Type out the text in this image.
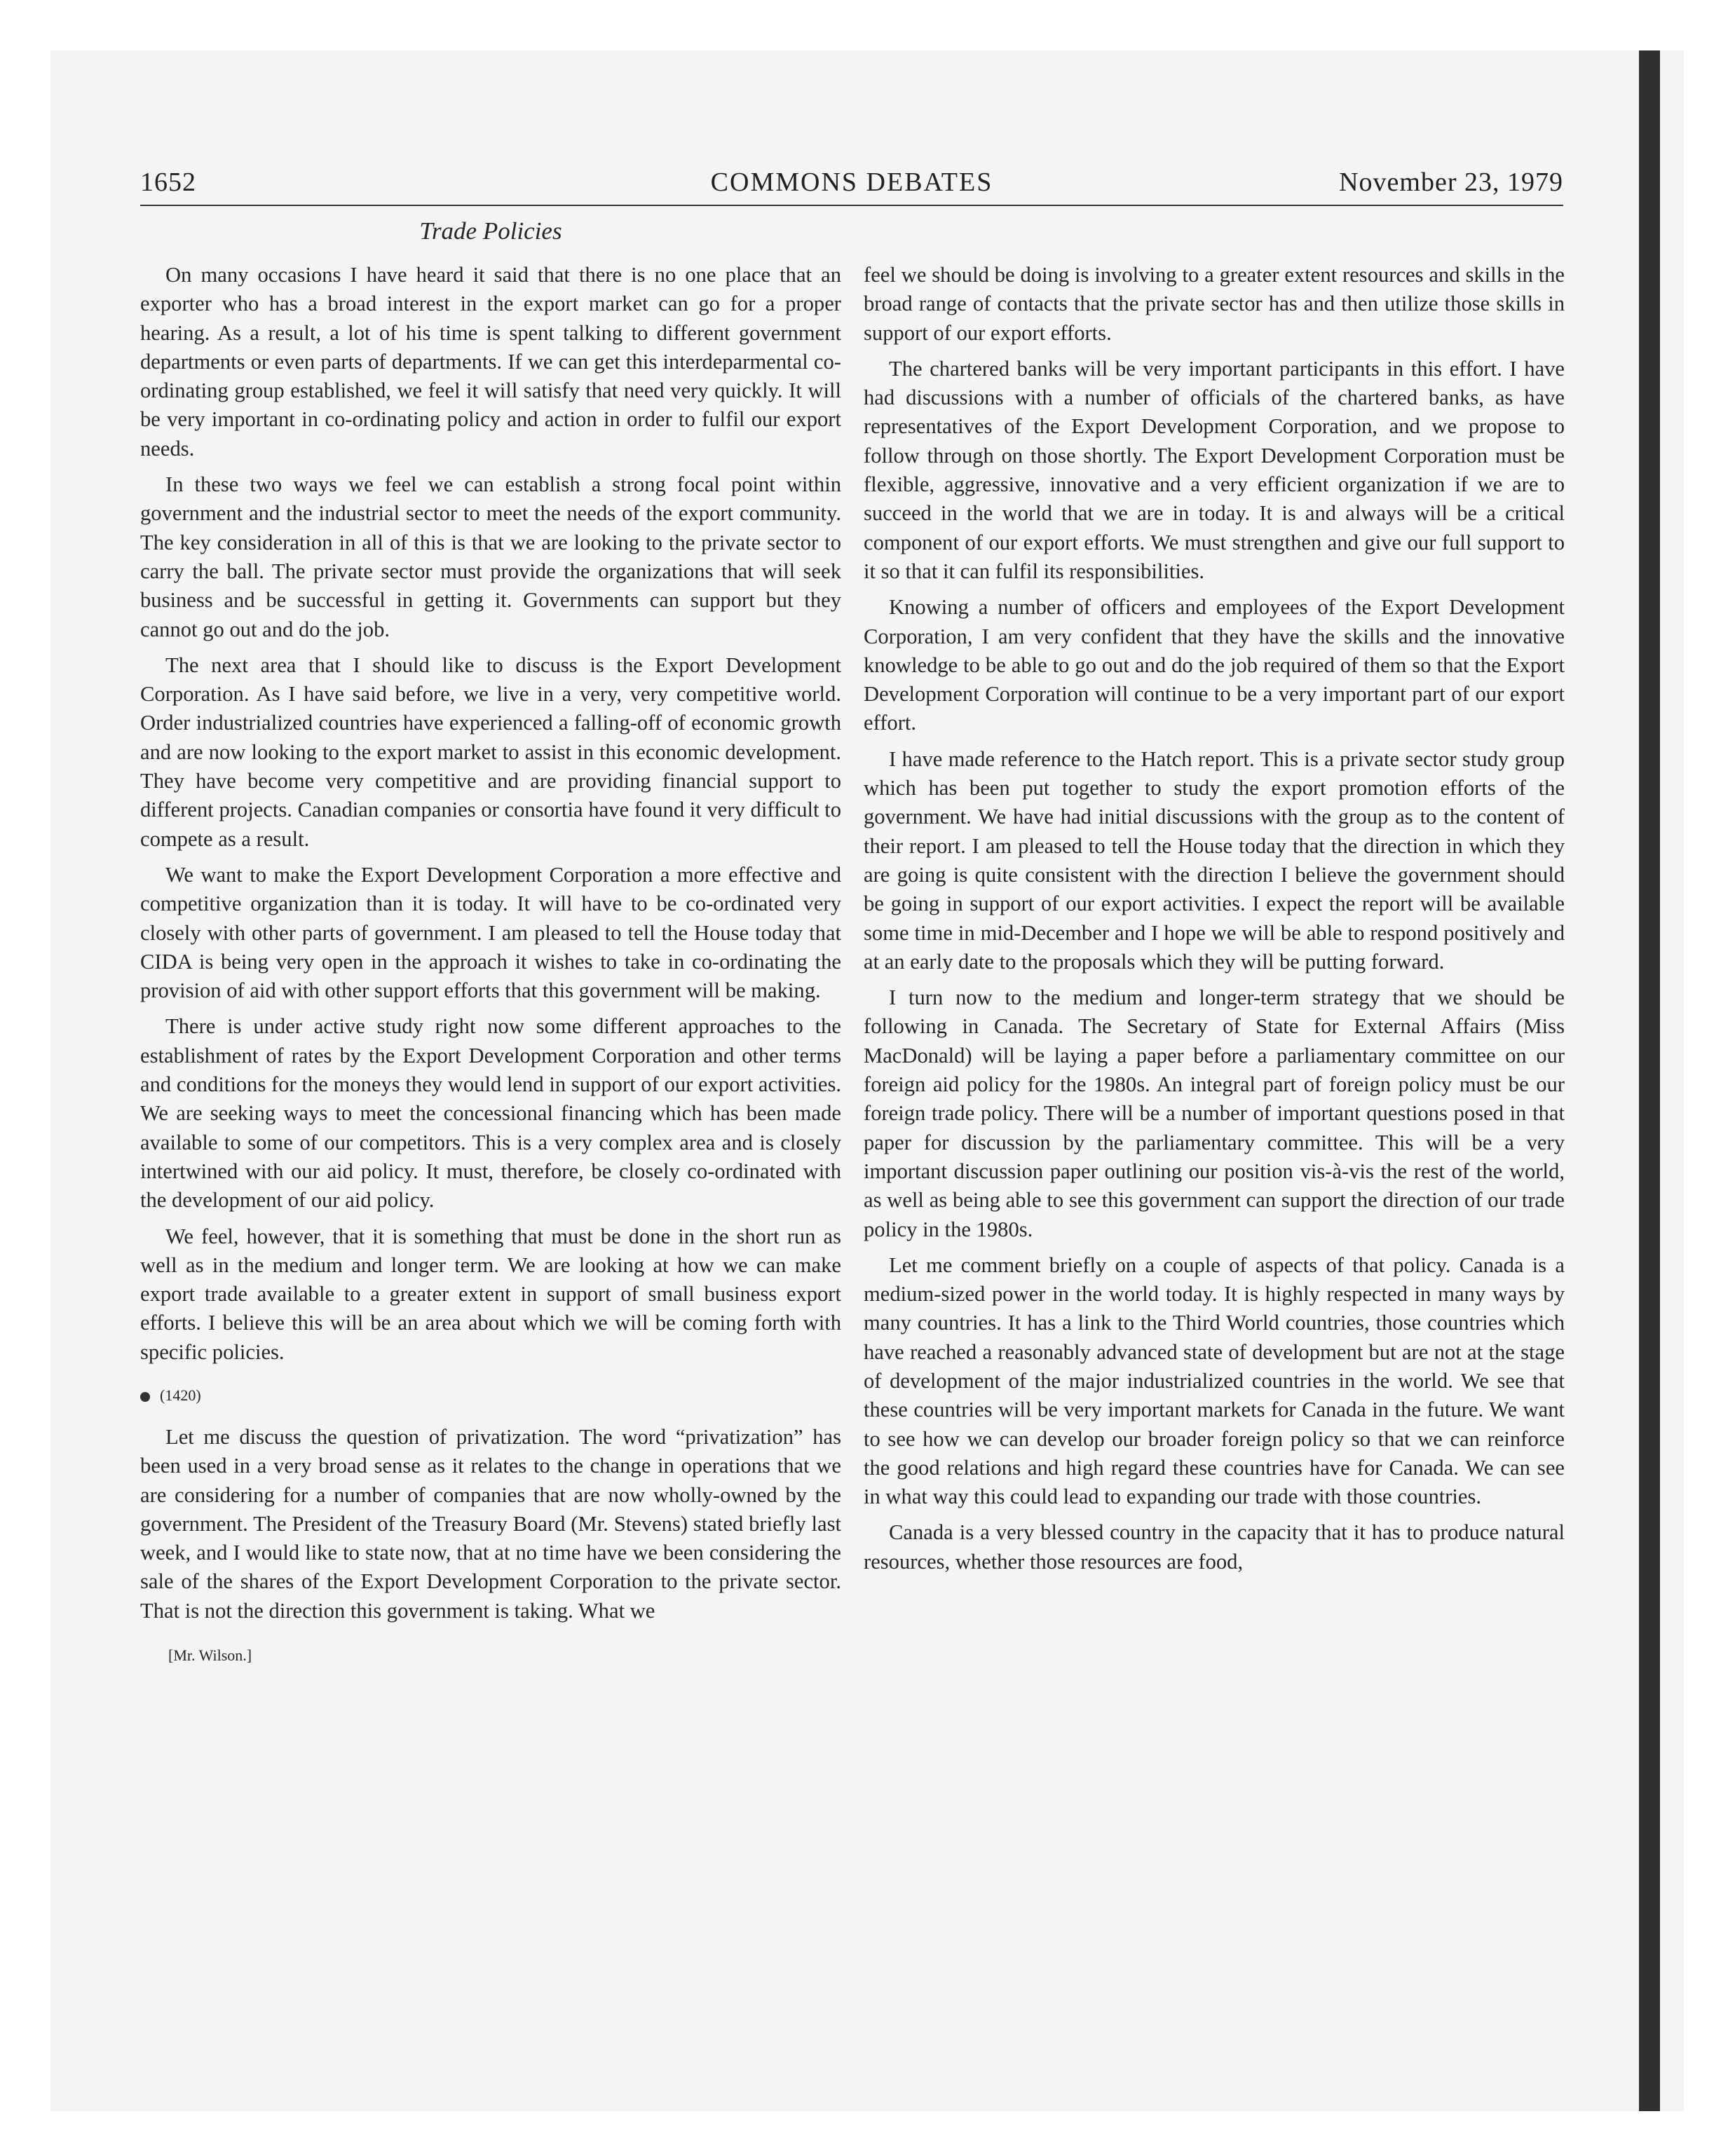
1652	COMMONS DEBATES	November 23, 1979
Trade Policies

On many occasions I have heard it said that there is no one place that an exporter who has a broad interest in the export market can go for a proper hearing. As a result, a lot of his time is spent talking to different government departments or even parts of departments. If we can get this interdeparmental co-ordinating group established, we feel it will satisfy that need very quickly. It will be very important in co-ordinating policy and action in order to fulfil our export needs.

In these two ways we feel we can establish a strong focal point within government and the industrial sector to meet the needs of the export community. The key consideration in all of this is that we are looking to the private sector to carry the ball. The private sector must provide the organizations that will seek business and be successful in getting it. Governments can support but they cannot go out and do the job.

The next area that I should like to discuss is the Export Development Corporation. As I have said before, we live in a very, very competitive world. Order industrialized countries have experienced a falling-off of economic growth and are now looking to the export market to assist in this economic development. They have become very competitive and are providing financial support to different projects. Canadian companies or consortia have found it very difficult to compete as a result.

We want to make the Export Development Corporation a more effective and competitive organization than it is today. It will have to be co-ordinated very closely with other parts of government. I am pleased to tell the House today that CIDA is being very open in the approach it wishes to take in co-ordinating the provision of aid with other support efforts that this government will be making.

There is under active study right now some different approaches to the establishment of rates by the Export Development Corporation and other terms and conditions for the moneys they would lend in support of our export activities. We are seeking ways to meet the concessional financing which has been made available to some of our competitors. This is a very complex area and is closely intertwined with our aid policy. It must, therefore, be closely co-ordinated with the development of our aid policy.

We feel, however, that it is something that must be done in the short run as well as in the medium and longer term. We are looking at how we can make export trade available to a greater extent in support of small business export efforts. I believe this will be an area about which we will be coming forth with specific policies.

(1420)

Let me discuss the question of privatization. The word “privatization” has been used in a very broad sense as it relates to the change in operations that we are considering for a number of companies that are now wholly-owned by the government. The President of the Treasury Board (Mr. Stevens) stated briefly last week, and I would like to state now, that at no time have we been considering the sale of the shares of the Export Development Corporation to the private sector. That is not the direction this government is taking. What we

[Mr. Wilson.]

feel we should be doing is involving to a greater extent resources and skills in the broad range of contacts that the private sector has and then utilize those skills in support of our export efforts.

The chartered banks will be very important participants in this effort. I have had discussions with a number of officials of the chartered banks, as have representatives of the Export Development Corporation, and we propose to follow through on those shortly. The Export Development Corporation must be flexible, aggressive, innovative and a very efficient organization if we are to succeed in the world that we are in today. It is and always will be a critical component of our export efforts. We must strengthen and give our full support to it so that it can fulfil its responsibilities.

Knowing a number of officers and employees of the Export Development Corporation, I am very confident that they have the skills and the innovative knowledge to be able to go out and do the job required of them so that the Export Development Corporation will continue to be a very important part of our export effort.

I have made reference to the Hatch report. This is a private sector study group which has been put together to study the export promotion efforts of the government. We have had initial discussions with the group as to the content of their report. I am pleased to tell the House today that the direction in which they are going is quite consistent with the direction I believe the government should be going in support of our export activities. I expect the report will be available some time in mid-December and I hope we will be able to respond positively and at an early date to the proposals which they will be putting forward.

I turn now to the medium and longer-term strategy that we should be following in Canada. The Secretary of State for External Affairs (Miss MacDonald) will be laying a paper before a parliamentary committee on our foreign aid policy for the 1980s. An integral part of foreign policy must be our foreign trade policy. There will be a number of important questions posed in that paper for discussion by the parliamentary committee. This will be a very important discussion paper outlining our position vis-à-vis the rest of the world, as well as being able to see this government can support the direction of our trade policy in the 1980s.

Let me comment briefly on a couple of aspects of that policy. Canada is a medium-sized power in the world today. It is highly respected in many ways by many countries. It has a link to the Third World countries, those countries which have reached a reasonably advanced state of development but are not at the stage of development of the major industrialized countries in the world. We see that these countries will be very important markets for Canada in the future. We want to see how we can develop our broader foreign policy so that we can reinforce the good relations and high regard these countries have for Canada. We can see in what way this could lead to expanding our trade with those countries.

Canada is a very blessed country in the capacity that it has to produce natural resources, whether those resources are food,
